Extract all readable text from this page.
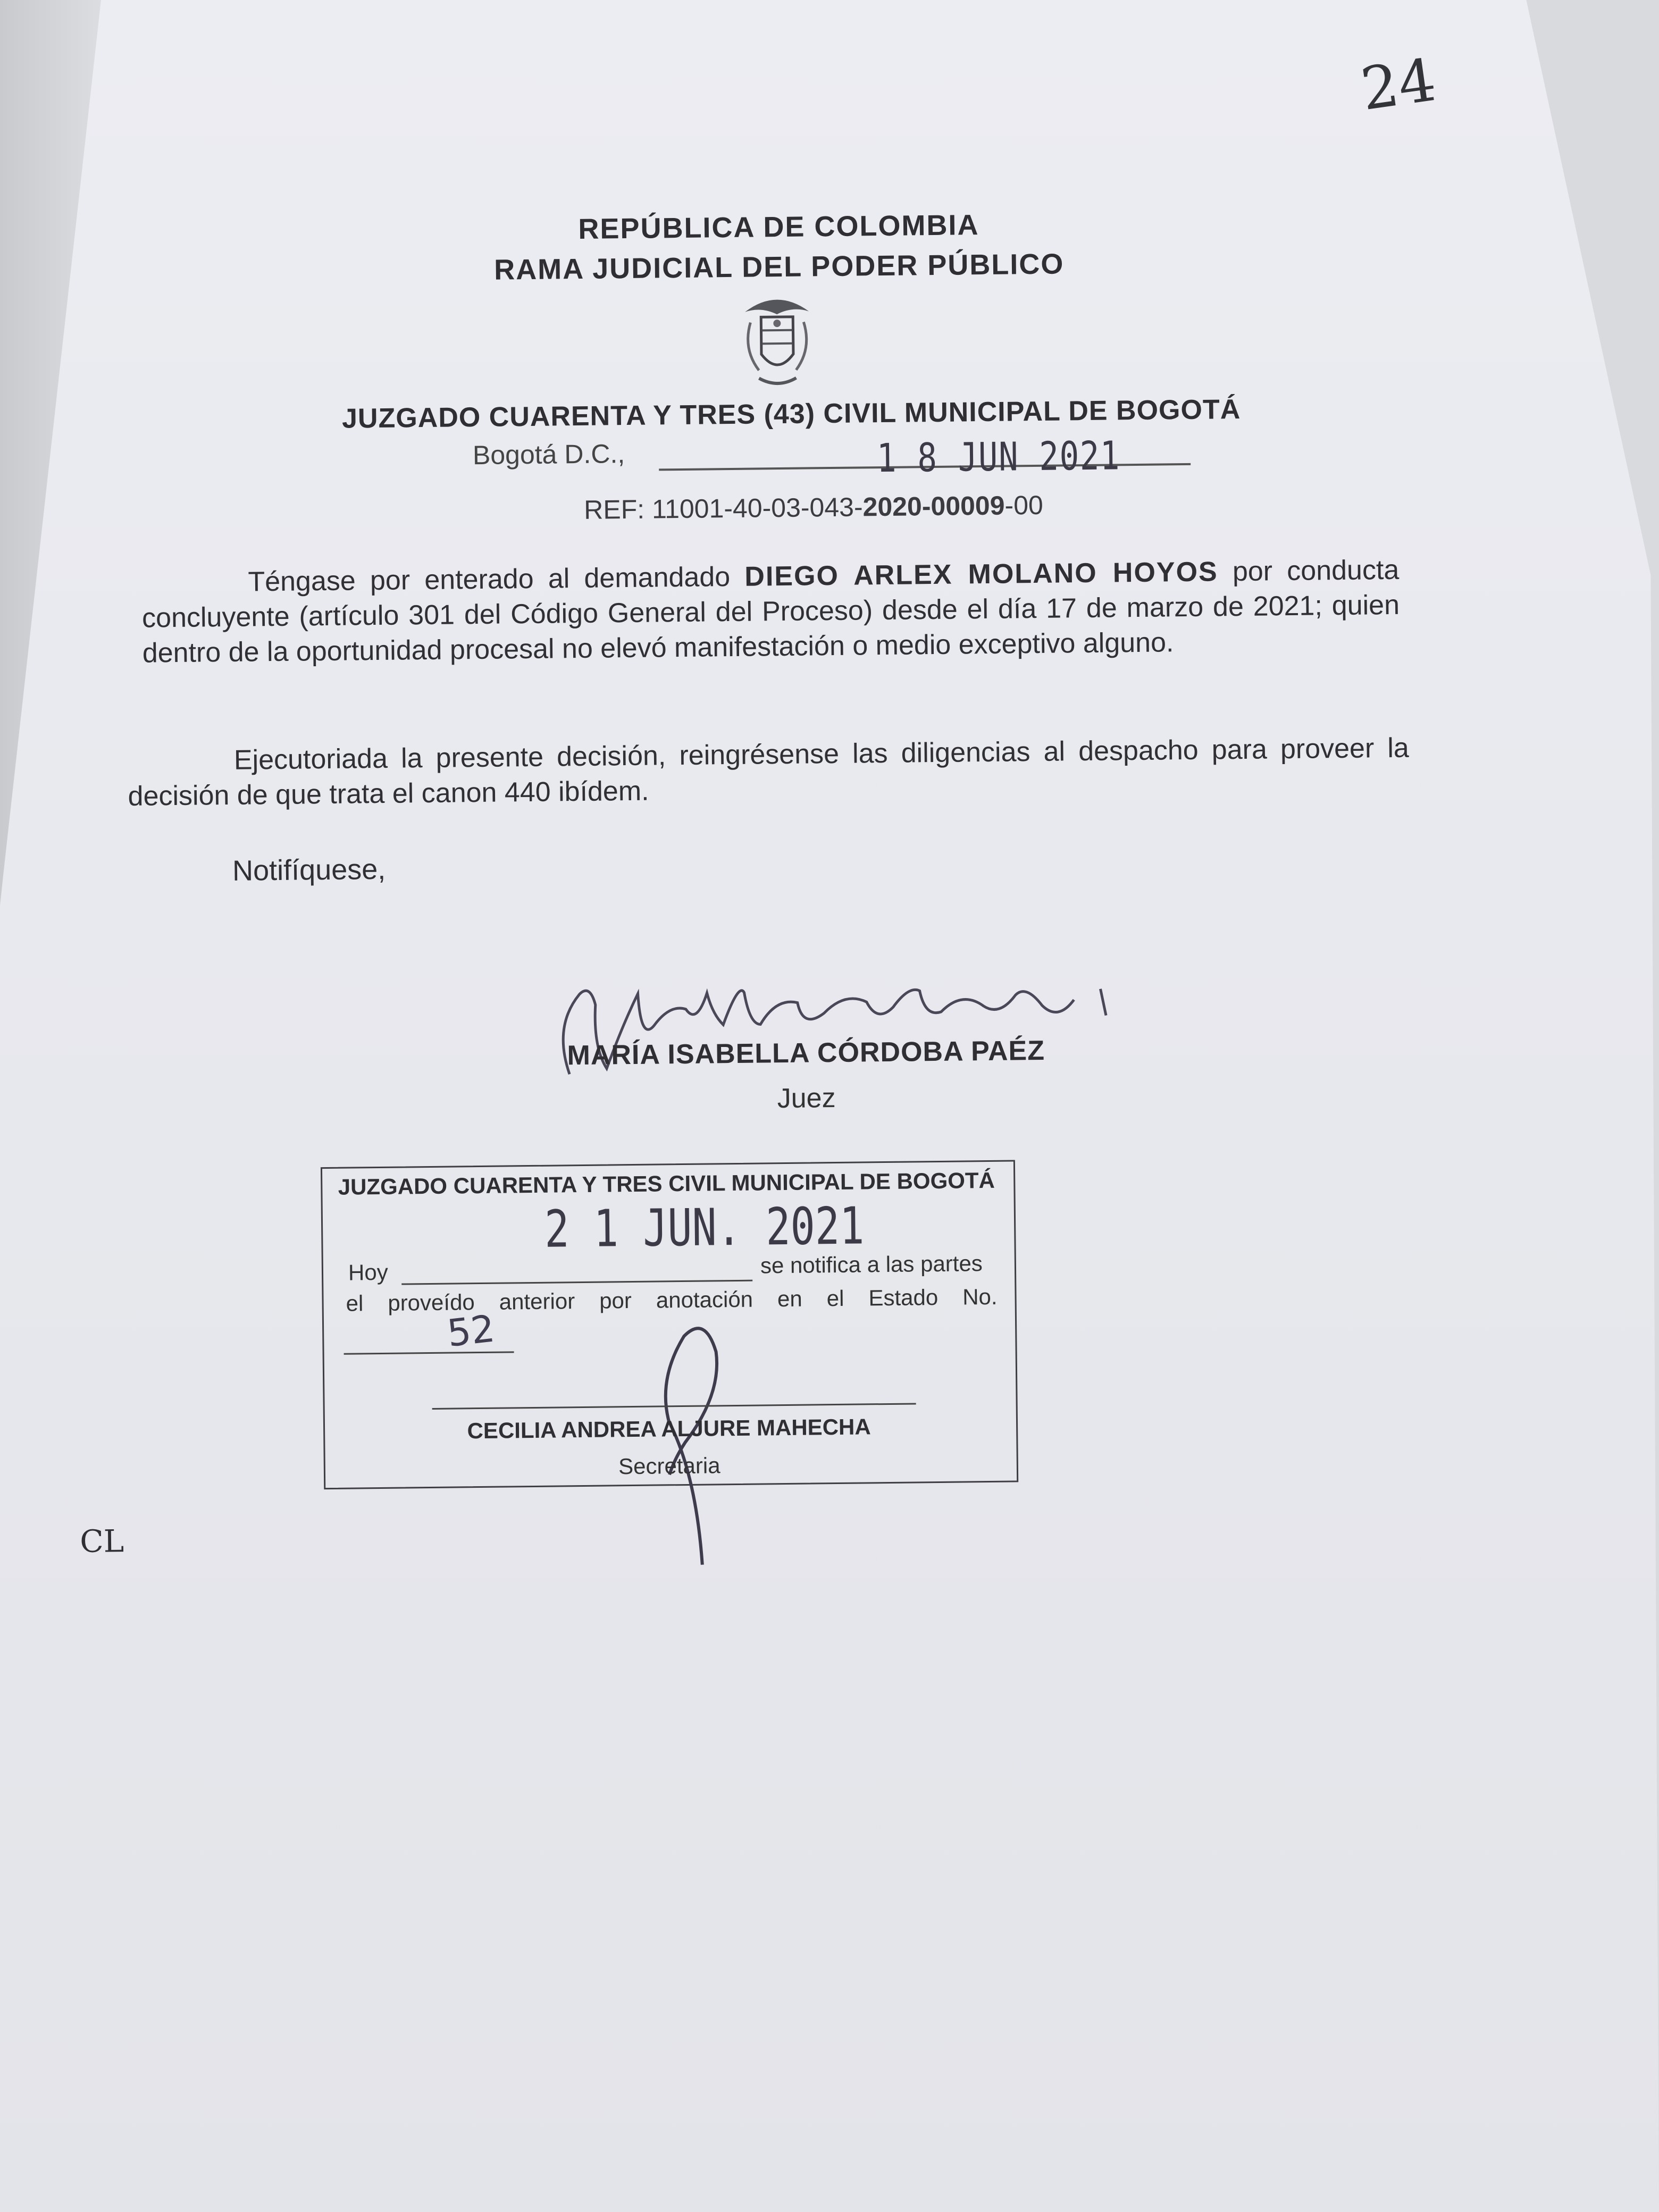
24
REPÚBLICA DE COLOMBIA
RAMA JUDICIAL DEL PODER PÚBLICO
JUZGADO CUARENTA Y TRES (43) CIVIL MUNICIPAL DE BOGOTÁ
Bogotá D.C.,	1 8 JUN 2021
REF: 11001-40-03-043-2020-00009-00
Téngase por enterado al demandado DIEGO ARLEX MOLANO HOYOS por conducta concluyente (artículo 301 del Código General del Proceso) desde el día 17 de marzo de 2021; quien dentro de la oportunidad procesal no elevó manifestación o medio exceptivo alguno.
Ejecutoriada la presente decisión, reingrésense las diligencias al despacho para proveer la decisión de que trata el canon 440 ibídem.
Notifíquese,
MARÍA ISABELLA CÓRDOBA PAÉZ
Juez
JUZGADO CUARENTA Y TRES CIVIL MUNICIPAL DE BOGOTÁ
2 1 JUN. 2021
Hoy	se notifica a las partes
el proveído anterior por anotación en el Estado No.
52
CECILIA ANDREA ALJURE MAHECHA
Secretaria
CL
